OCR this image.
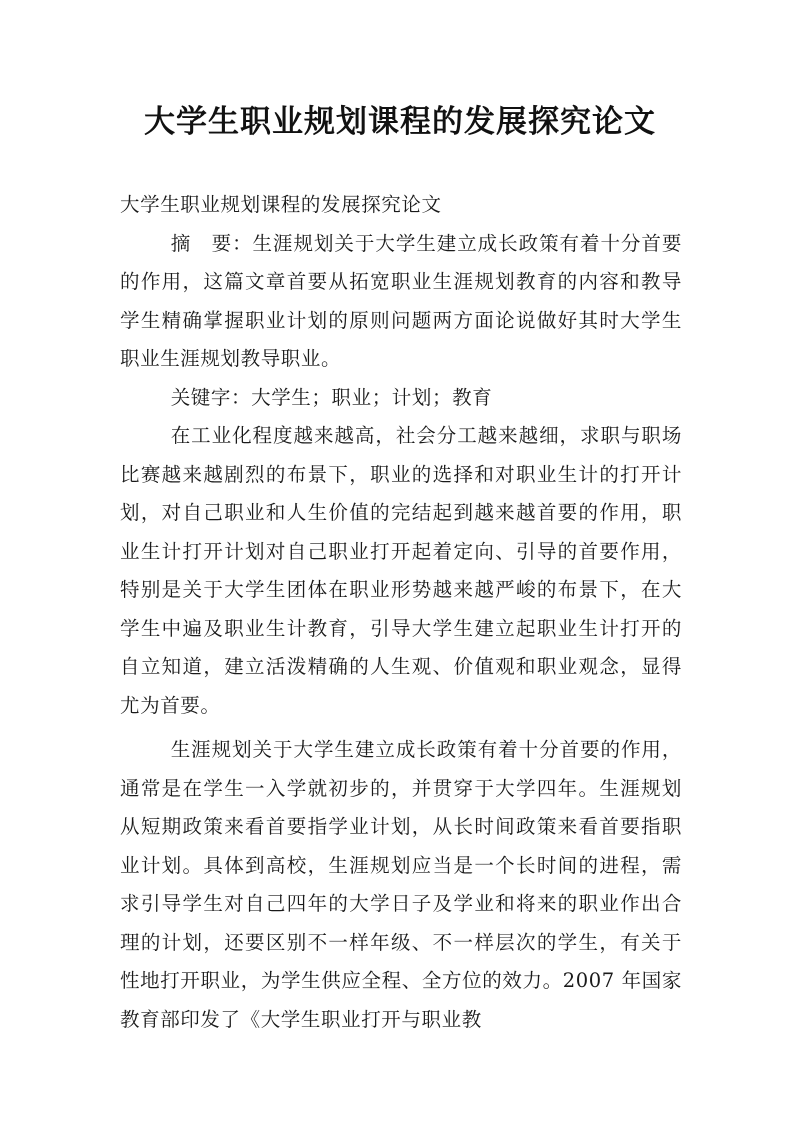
大学生职业规划课程的发展探究论文

大学生职业规划课程的发展探究论文

摘　要：生涯规划关于大学生建立成长政策有着十分首要的作用，这篇文章首要从拓宽职业生涯规划教育的内容和教导学生精确掌握职业计划的原则问题两方面论说做好其时大学生职业生涯规划教导职业。

关键字：大学生；职业；计划；教育

在工业化程度越来越高，社会分工越来越细，求职与职场比赛越来越剧烈的布景下，职业的选择和对职业生计的打开计划，对自己职业和人生价值的完结起到越来越首要的作用，职业生计打开计划对自己职业打开起着定向、引导的首要作用，特别是关于大学生团体在职业形势越来越严峻的布景下，在大学生中遍及职业生计教育，引导大学生建立起职业生计打开的自立知道，建立活泼精确的人生观、价值观和职业观念，显得尤为首要。

生涯规划关于大学生建立成长政策有着十分首要的作用，通常是在学生一入学就初步的，并贯穿于大学四年。生涯规划从短期政策来看首要指学业计划，从长时间政策来看首要指职业计划。具体到高校，生涯规划应当是一个长时间的进程，需求引导学生对自己四年的大学日子及学业和将来的职业作出合理的计划，还要区别不一样年级、不一样层次的学生，有关于性地打开职业，为学生供应全程、全方位的效力。2007 年国家教育部印发了《大学生职业打开与职业教
